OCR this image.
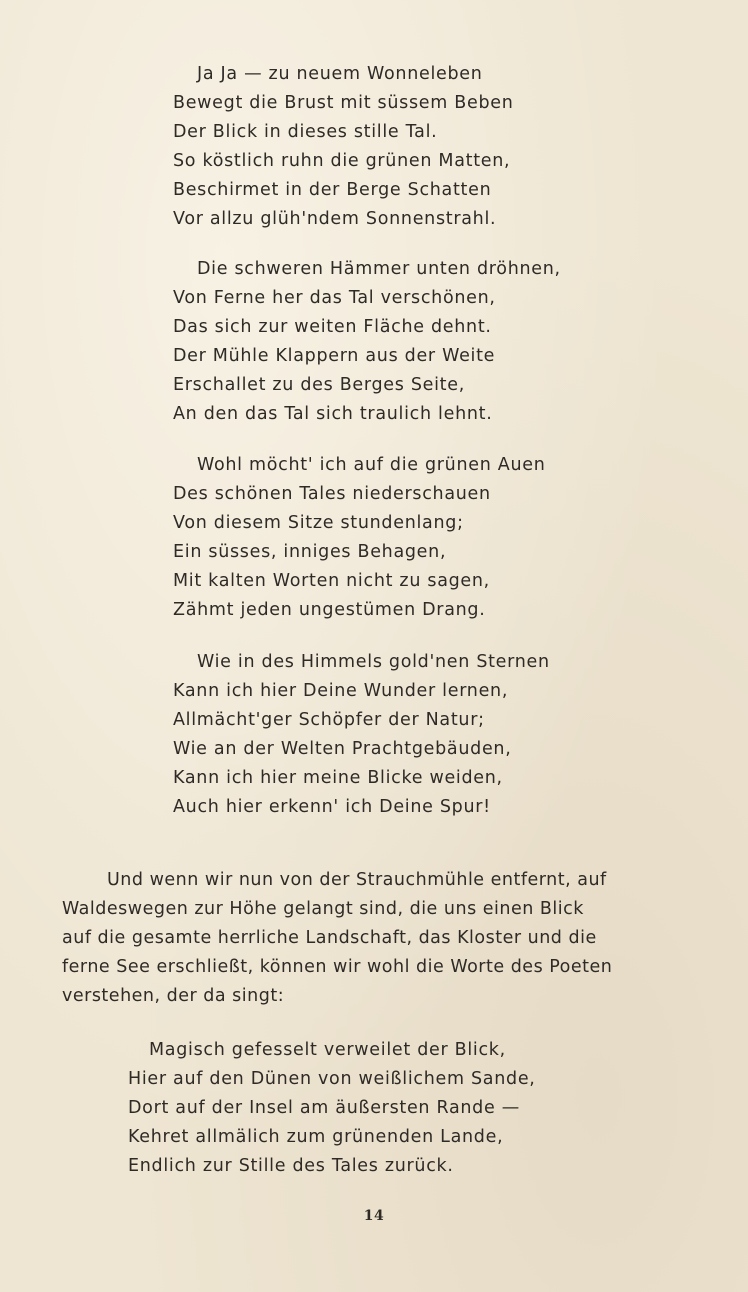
Ja Ja — zu neuem Wonneleben
Bewegt die Brust mit süssem Beben
Der Blick in dieses stille Tal.
So köstlich ruhn die grünen Matten,
Beschirmet in der Berge Schatten
Vor allzu glüh'ndem Sonnenstrahl.
Die schweren Hämmer unten dröhnen,
Von Ferne her das Tal verschönen,
Das sich zur weiten Fläche dehnt.
Der Mühle Klappern aus der Weite
Erschallet zu des Berges Seite,
An den das Tal sich traulich lehnt.
Wohl möcht' ich auf die grünen Auen
Des schönen Tales niederschauen
Von diesem Sitze stundenlang;
Ein süsses, inniges Behagen,
Mit kalten Worten nicht zu sagen,
Zähmt jeden ungestümen Drang.
Wie in des Himmels gold'nen Sternen
Kann ich hier Deine Wunder lernen,
Allmächt'ger Schöpfer der Natur;
Wie an der Welten Prachtgebäuden,
Kann ich hier meine Blicke weiden,
Auch hier erkenn' ich Deine Spur!
Und wenn wir nun von der Strauchmühle entfernt, auf
Waldeswegen zur Höhe gelangt sind, die uns einen Blick
auf die gesamte herrliche Landschaft, das Kloster und die
ferne See erschließt, können wir wohl die Worte des Poeten
verstehen, der da singt:
Magisch gefesselt verweilet der Blick,
Hier auf den Dünen von weißlichem Sande,
Dort auf der Insel am äußersten Rande —
Kehret allmälich zum grünenden Lande,
Endlich zur Stille des Tales zurück.
14
